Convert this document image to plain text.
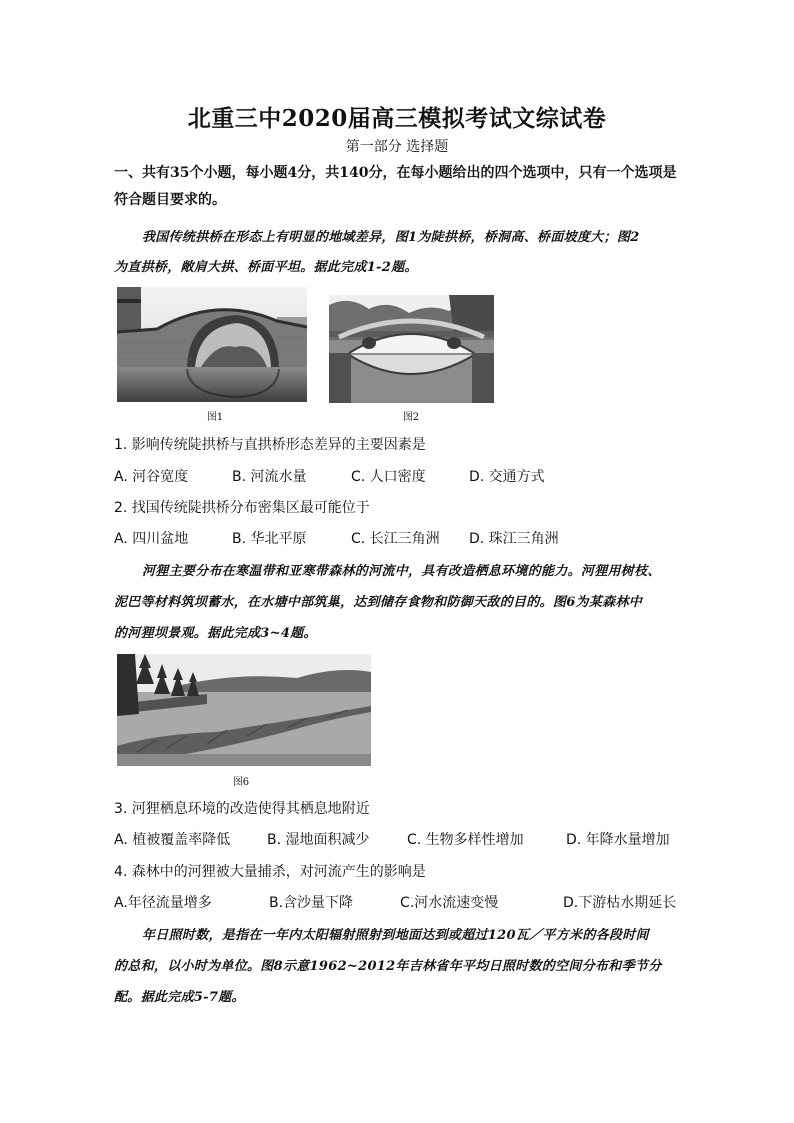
北重三中2020届高三模拟考试文综试卷
第一部分 选择题
一、共有35个小题，每小题4分，共140分，在每小题给出的四个选项中，只有一个选项是
符合题目要求的。
我国传统拱桥在形态上有明显的地域差异，图1为陡拱桥，桥洞高、桥面坡度大；图2
为直拱桥，敞肩大拱、桥面平坦。据此完成1-2题。
图1	图2
1. 影响传统陡拱桥与直拱桥形态差异的主要因素是
A. 河谷宽度	B. 河流水量	C. 人口密度	D. 交通方式
2. 找国传统陡拱桥分布密集区最可能位于
A. 四川盆地	B. 华北平原	C. 长江三角洲 D. 珠江三角洲
河狸主要分布在寒温带和亚寒带森林的河流中，具有改造栖息环境的能力。河狸用树枝、
泥巴等材料筑坝蓄水，在水塘中部筑巢，达到储存食物和防御天敌的目的。图6为某森林中
的河狸坝景观。据此完成3~4题。
图6
3. 河狸栖息环境的改造使得其栖息地附近
A. 植被覆盖率降低	B. 湿地面积减少	C. 生物多样性增加	D. 年降水量增加
4. 森林中的河狸被大量捕杀，对河流产生的影响是
A.年径流量增多	B.含沙量下降	C.河水流速变慢	D.下游枯水期延长
年日照时数，是指在一年内太阳辐射照射到地面达到或超过120瓦／平方米的各段时间
的总和，以小时为单位。图8示意1962~2012年吉林省年平均日照时数的空间分布和季节分
配。据此完成5-7题。
